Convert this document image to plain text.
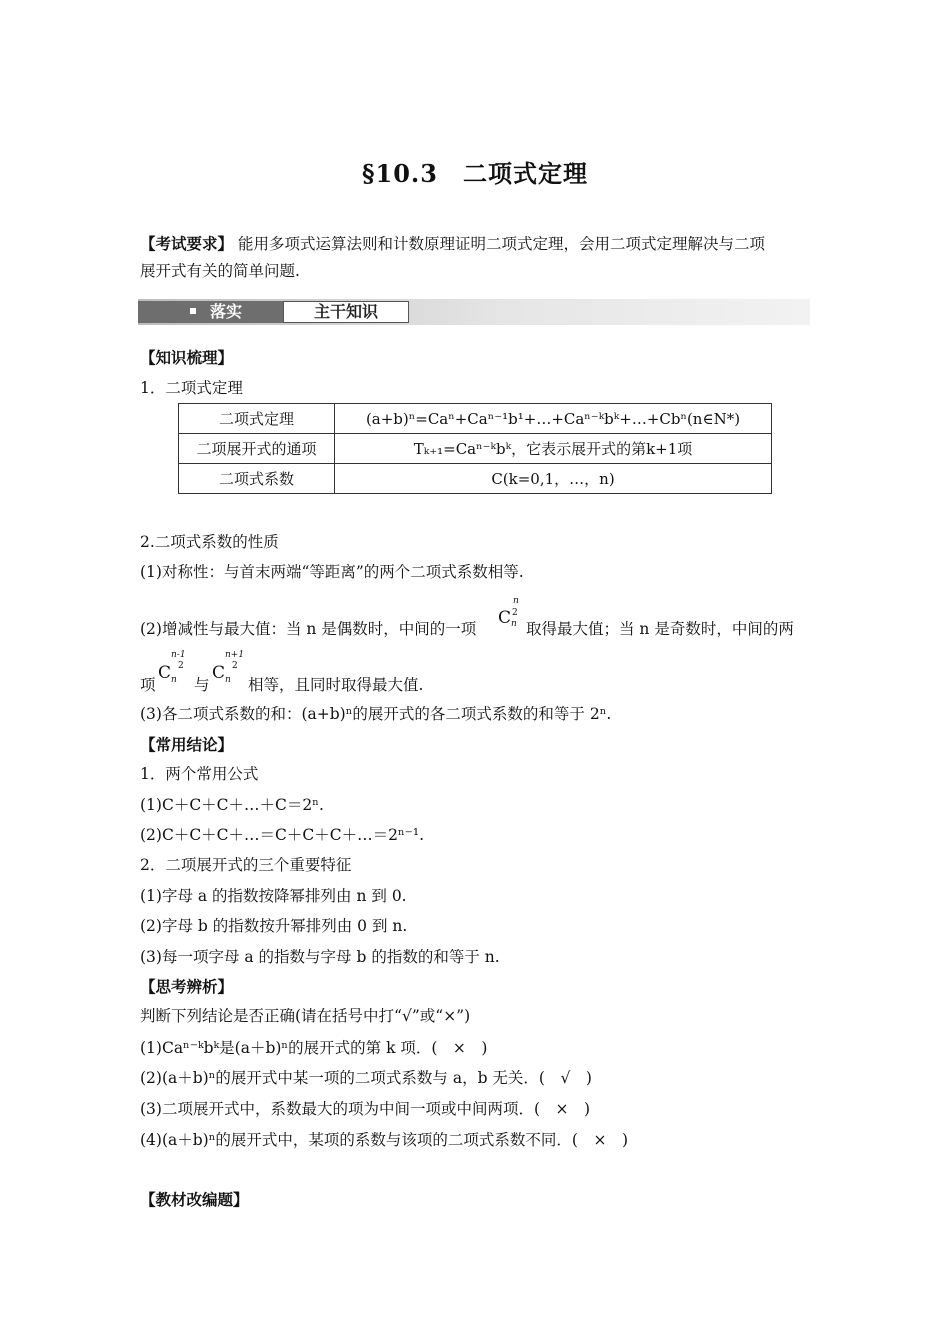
§10.3　二项式定理
【考试要求】 能用多项式运算法则和计数原理证明二项式定理，会用二项式定理解决与二项
展开式有关的简单问题.
落实	主干知识
【知识梳理】
1．二项式定理
二项式定理	(a+b)ⁿ=Caⁿ+Caⁿ⁻¹b¹+…+Caⁿ⁻ᵏbᵏ+…+Cbⁿ(n∈N*)
二项展开式的通项	Tₖ₊₁=Caⁿ⁻ᵏbᵏ，它表示展开式的第k+1项
二项式系数	C(k=0,1，…，n)
2.二项式系数的性质
(1)对称性：与首末两端“等距离”的两个二项式系数相等.
(2)增减性与最大值：当 n 是偶数时，中间的一项
n
C 2
n 取得最大值；当 n 是奇数时，中间的两
项
n-1
2
C n 与
n+1
2
C n 相等，且同时取得最大值.
(3)各二项式系数的和：(a+b)ⁿ的展开式的各二项式系数的和等于 2ⁿ.
【常用结论】
1．两个常用公式
(1)C＋C＋C＋…＋C＝2ⁿ.
(2)C＋C＋C＋…＝C＋C＋C＋…＝2ⁿ⁻¹.
2．二项展开式的三个重要特征
(1)字母 a 的指数按降幂排列由 n 到 0.
(2)字母 b 的指数按升幂排列由 0 到 n.
(3)每一项字母 a 的指数与字母 b 的指数的和等于 n.
【思考辨析】
判断下列结论是否正确(请在括号中打“√”或“×”)
(1)Caⁿ⁻ᵏbᵏ是(a＋b)ⁿ的展开式的第 k 项．(　×　)
(2)(a＋b)ⁿ的展开式中某一项的二项式系数与 a，b 无关．(　√　)
(3)二项展开式中，系数最大的项为中间一项或中间两项．(　×　)
(4)(a＋b)ⁿ的展开式中，某项的系数与该项的二项式系数不同．(　×　)
【教材改编题】
